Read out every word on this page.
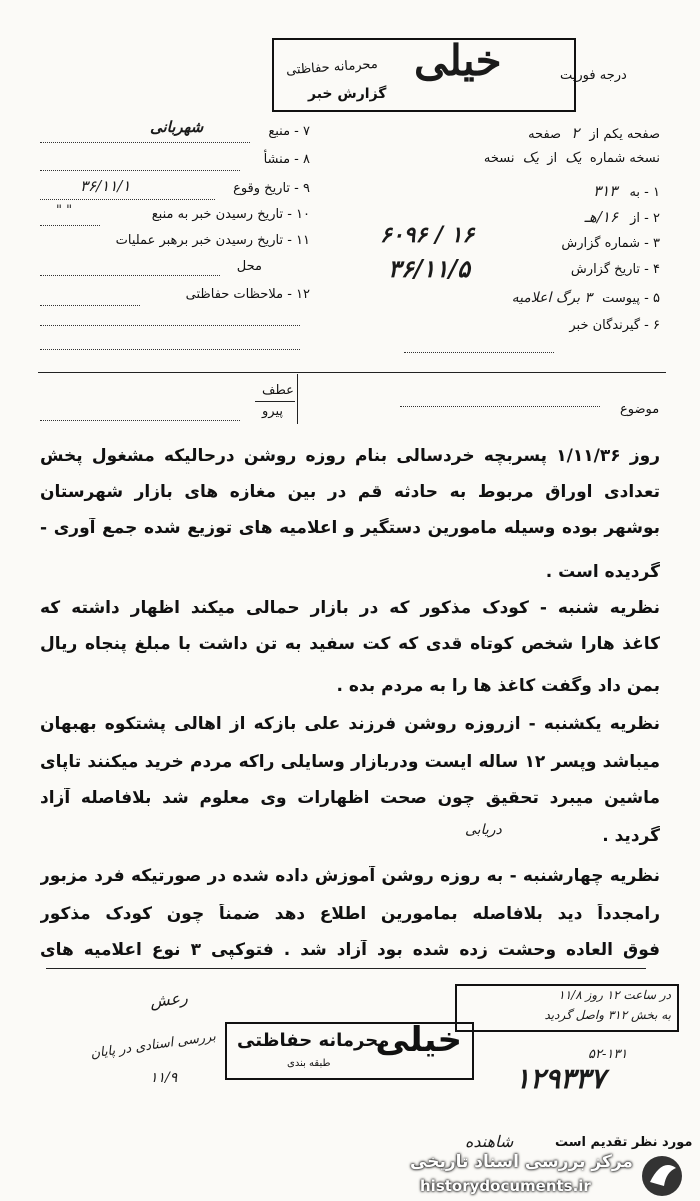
خیلی
محرمانه حفاظتی
گزارش خبر
درجه فوریت
۷ - منبع
شهربانی
۸ - منشأ
۹ - تاریخ وقوع
۳۶/۱۱/۱
۱۰ - تاریخ رسیدن خبر به منبع
" "
۱۱ - تاریخ رسیدن خبر برهبر عملیات
محل
۱۲ - ملاحظات حفاظتی
صفحه یکم از ۲ صفحه
نسخه شماره یک از یک نسخه
۱ - به ۳۱۳
۲ - از ۱۶/هـ
۳ - شماره گزارش
۶۰۹۶ / ۱۶
۴ - تاریخ گزارش
۳۶/۱۱/۵
۵ - پیوست ۳ برگ اعلامیه
۶ - گیرندگان خبر
عطف
پیرو	موضوع
روز ۱/۱۱/۳۶ پسربچه خردسالی بنام روزه روشن درحالیکه مشغول پخش
تعدادی اوراق مربوط به حادثه قم در بین مغازه های بازار شهرستان
بوشهر بوده وسیله مامورین دستگیر و اعلامیه های توزیع شده جمع آوری -
گردیده است .
نظریه شنبه - کودک مذکور که در بازار حمالی میکند اظهار داشته که
کاغذ هارا شخص کوتاه قدی که کت سفید به تن داشت با مبلغ پنجاه ریال
بمن داد وگفت کاغذ ها را به مردم بده .
نظریه یکشنبه - ازروزه روشن فرزند علی بازکه از اهالی پشتکوه بهبهان
میباشد وپسر ۱۲ ساله ایست ودربازار وسایلی راکه مردم خرید میکنند تاپای
ماشین میبرد تحقیق چون صحت اظهارات وی معلوم شد بلافاصله آزاد
گردید .
دریابی
نظریه چهارشنبه - به روزه روشن آموزش داده شده در صورتیکه فرد مزبور
رامجدداً دید بلافاصله بمامورین اطلاع دهد ضمناً چون کودک مذکور
فوق العاده وحشت زده شده بود آزاد شد . فتوکپی ۳ نوع اعلامیه های
در ساعت ۱۲ روز ۱۱/۸
به بخش ۳۱۲ واصل گردید
۵۲-۱۳۱
۱۲۹۳۳۷
خیلی
محرمانه حفاظتی
طبقه بندی
رعش
بررسی اسنادی در پایان
۱۱/۹
مورد نظر تقدیم است
شاهنده
مرکز بررسی اسناد تاریخی
historydocuments.ir
